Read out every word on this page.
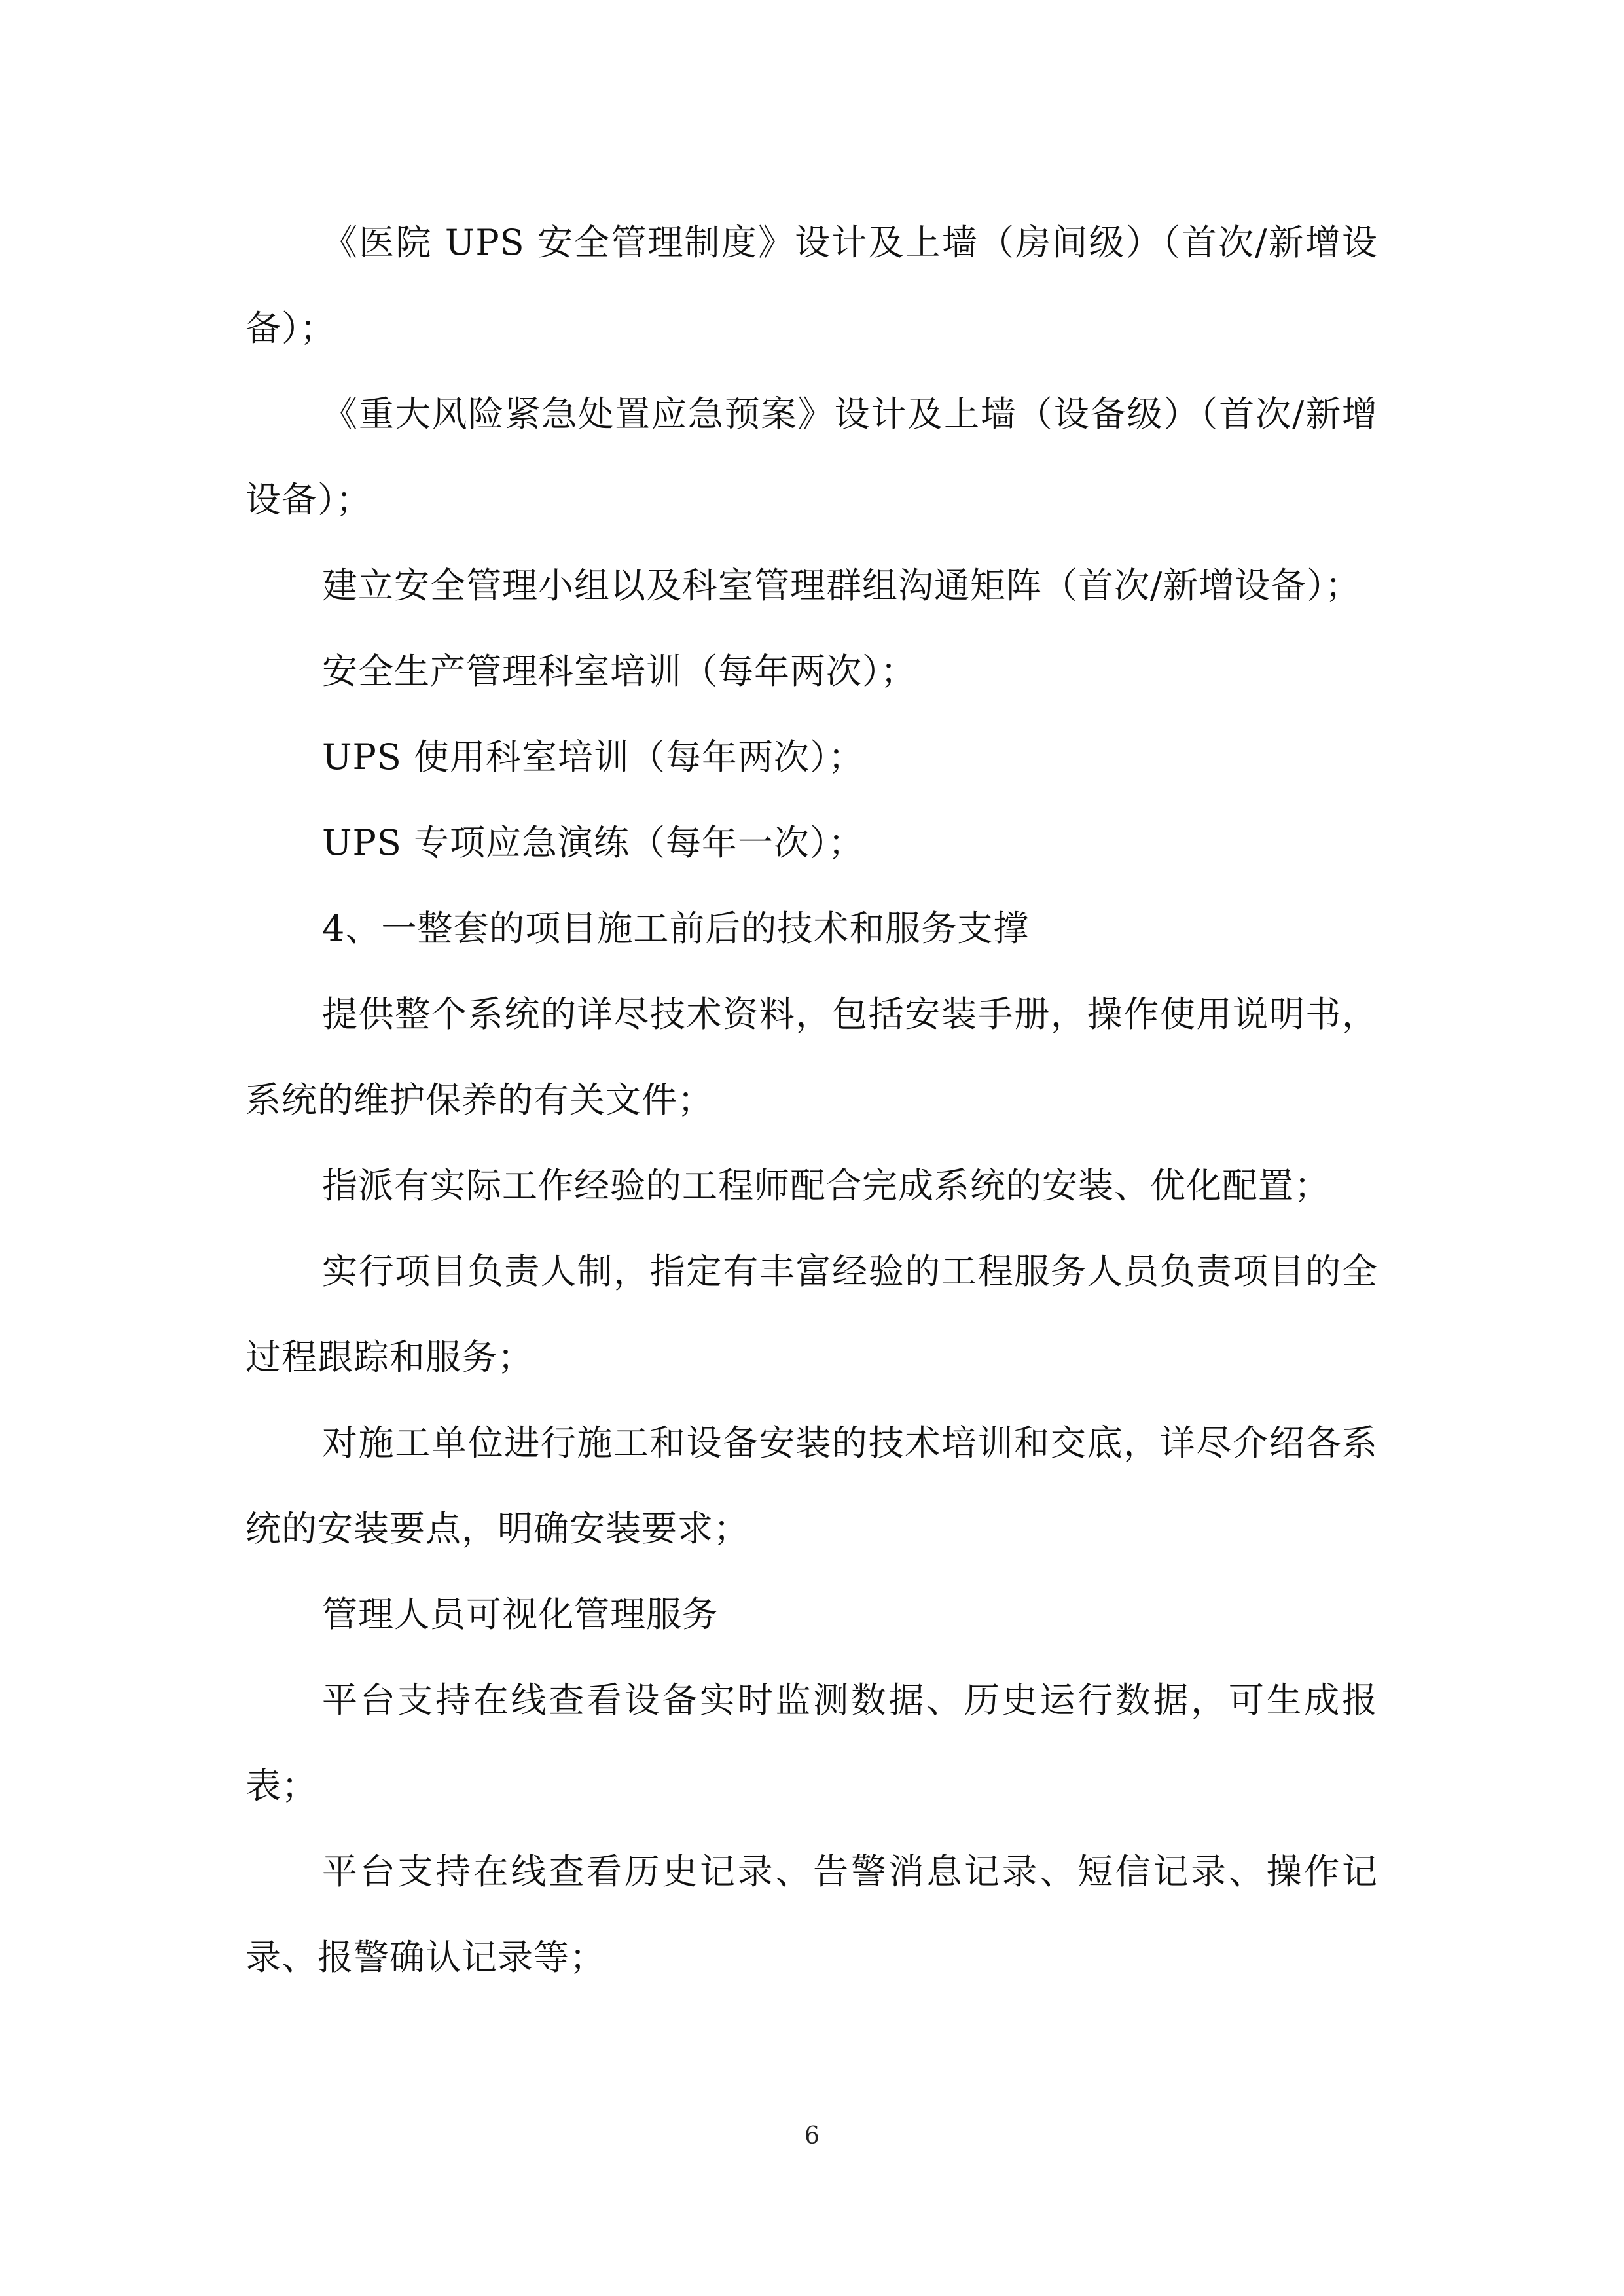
《医院 UPS 安全管理制度》设计及上墙（房间级）（首次/新增设备）；

《重大风险紧急处置应急预案》设计及上墙（设备级）（首次/新增设备）；

建立安全管理小组以及科室管理群组沟通矩阵（首次/新增设备）；

安全生产管理科室培训（每年两次）；

UPS 使用科室培训（每年两次）；

UPS 专项应急演练（每年一次）；

4、一整套的项目施工前后的技术和服务支撑

提供整个系统的详尽技术资料，包括安装手册，操作使用说明书，系统的维护保养的有关文件；

指派有实际工作经验的工程师配合完成系统的安装、优化配置；

实行项目负责人制，指定有丰富经验的工程服务人员负责项目的全过程跟踪和服务；

对施工单位进行施工和设备安装的技术培训和交底，详尽介绍各系统的安装要点，明确安装要求；

管理人员可视化管理服务

平台支持在线查看设备实时监测数据、历史运行数据，可生成报表；

平台支持在线查看历史记录、告警消息记录、短信记录、操作记录、报警确认记录等；

6
